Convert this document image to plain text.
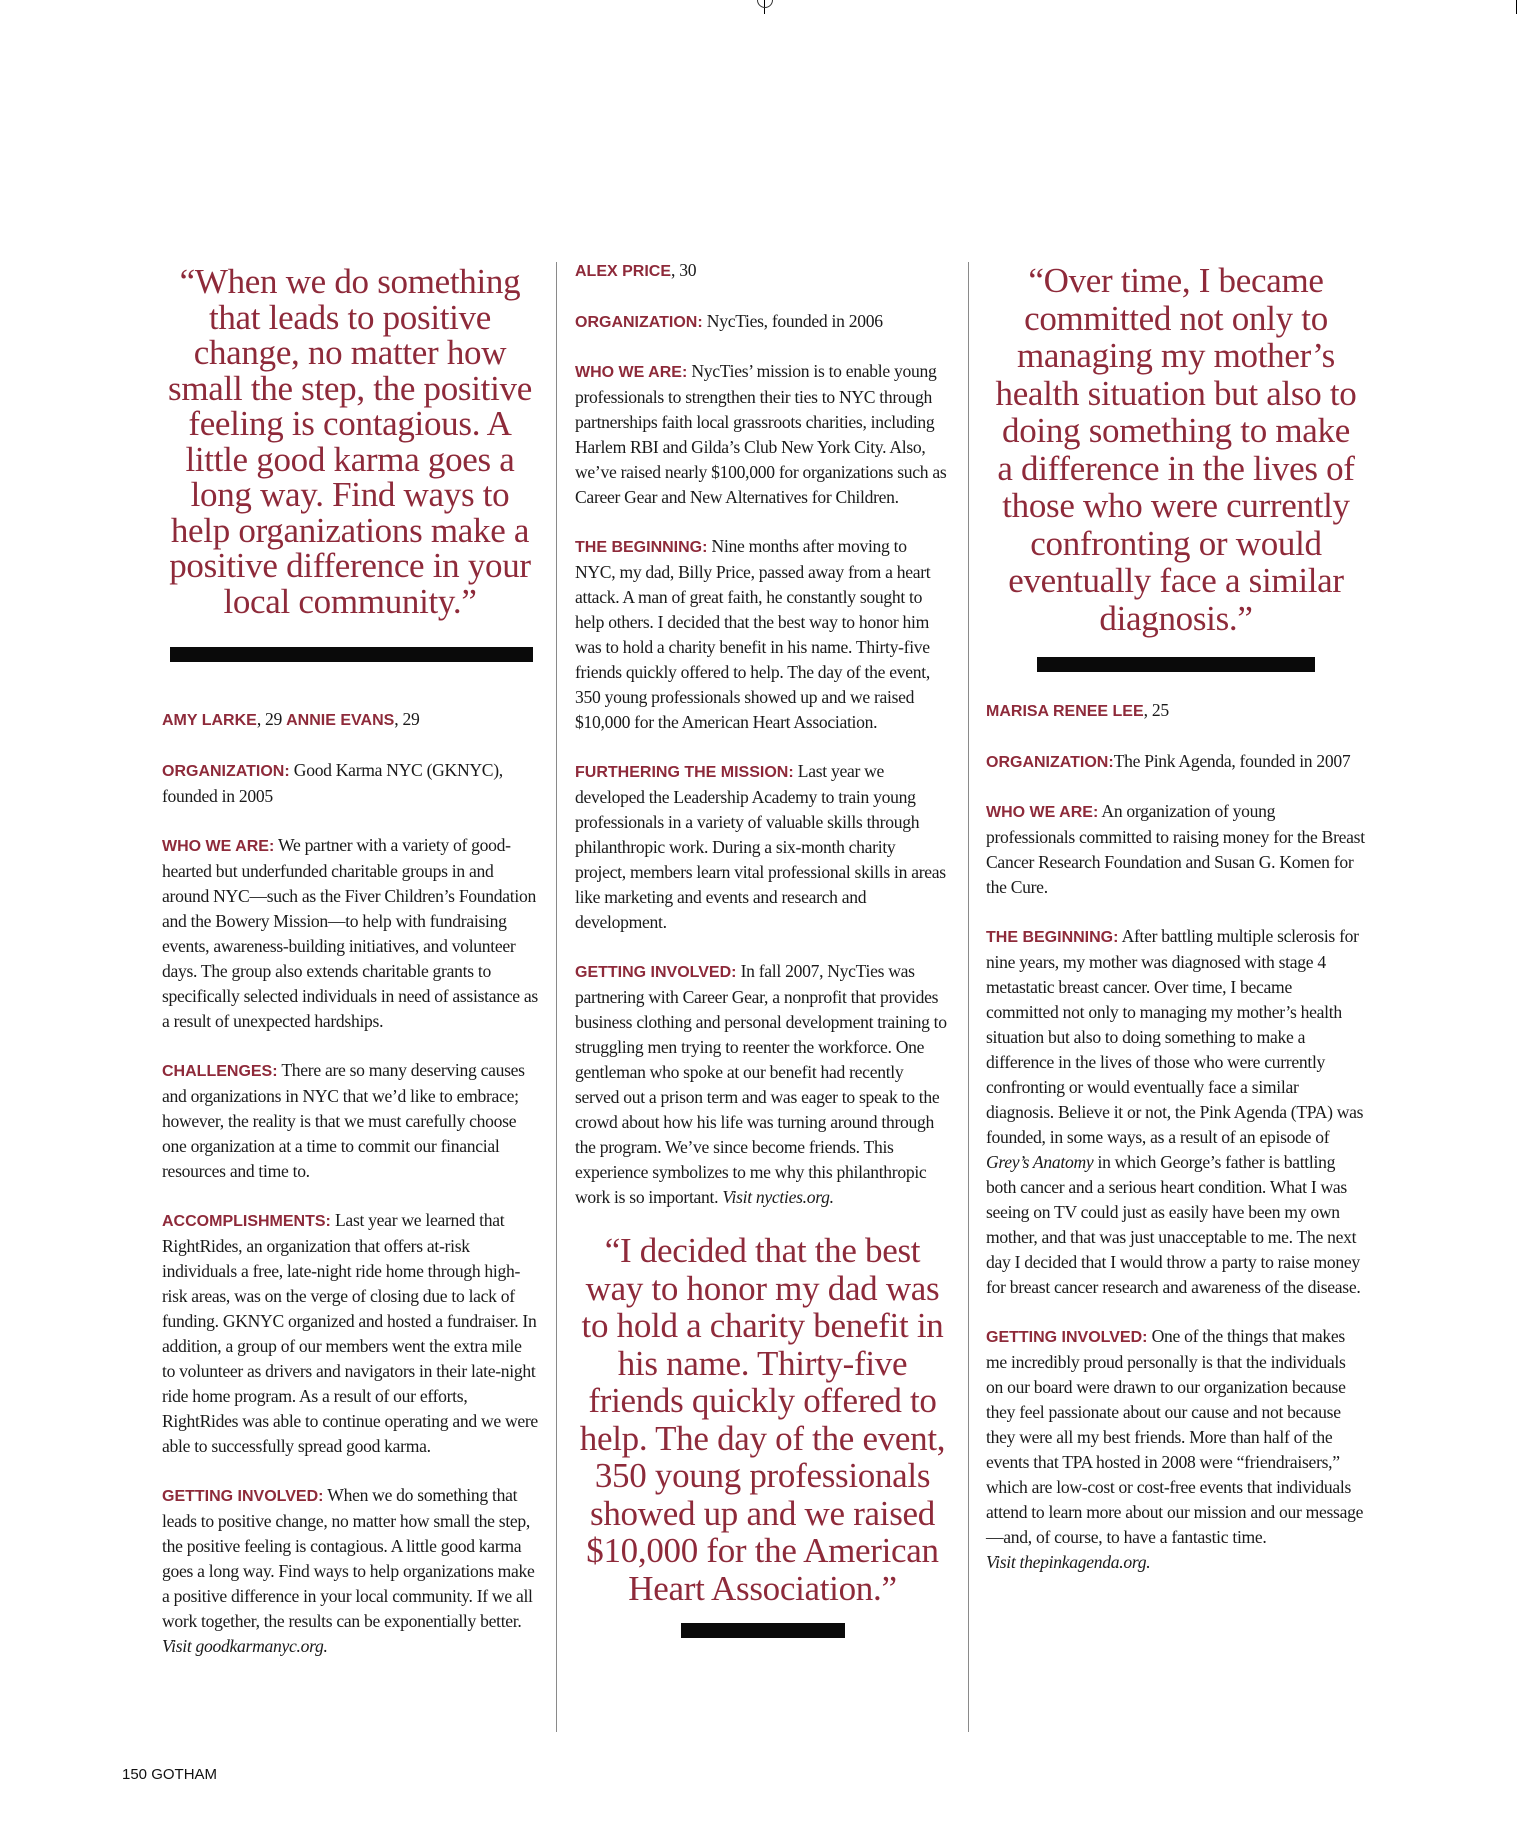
“When we do something that leads to positive change, no matter how small the step, the positive feeling is contagious. A little good karma goes a long way. Find ways to help organizations make a positive difference in your local community.”

AMY LARKE, 29 ANNIE EVANS, 29

ORGANIZATION: Good Karma NYC (GKNYC), founded in 2005

WHO WE ARE: We partner with a variety of good-hearted but underfunded charitable groups in and around NYC—such as the Fiver Children’s Foundation and the Bowery Mission—to help with fundraising events, awareness-building initiatives, and volunteer days. The group also extends charitable grants to specifically selected individuals in need of assistance as a result of unexpected hardships.

CHALLENGES: There are so many deserving causes and organizations in NYC that we’d like to embrace; however, the reality is that we must carefully choose one organization at a time to commit our financial resources and time to.

ACCOMPLISHMENTS: Last year we learned that RightRides, an organization that offers at-risk individuals a free, late-night ride home through high-risk areas, was on the verge of closing due to lack of funding. GKNYC organized and hosted a fundraiser. In addition, a group of our members went the extra mile to volunteer as drivers and navigators in their late-night ride home program. As a result of our efforts, RightRides was able to continue operating and we were able to successfully spread good karma.

GETTING INVOLVED: When we do something that leads to positive change, no matter how small the step, the positive feeling is contagious. A little good karma goes a long way. Find ways to help organizations make a positive difference in your local community. If we all work together, the results can be exponentially better.

Visit goodkarmanyc.org.

ALEX PRICE, 30

ORGANIZATION: NycTies, founded in 2006

WHO WE ARE: NycTies’ mission is to enable young professionals to strengthen their ties to NYC through partnerships faith local grassroots charities, including Harlem RBI and Gilda’s Club New York City. Also, we’ve raised nearly $100,000 for organizations such as Career Gear and New Alternatives for Children.

THE BEGINNING: Nine months after moving to NYC, my dad, Billy Price, passed away from a heart attack. A man of great faith, he constantly sought to help others. I decided that the best way to honor him was to hold a charity benefit in his name. Thirty-five friends quickly offered to help. The day of the event, 350 young professionals showed up and we raised $10,000 for the American Heart Association.

FURTHERING THE MISSION: Last year we developed the Leadership Academy to train young professionals in a variety of valuable skills through philanthropic work. During a six-month charity project, members learn vital professional skills in areas like marketing and events and research and development.

GETTING INVOLVED: In fall 2007, NycTies was partnering with Career Gear, a nonprofit that provides business clothing and personal development training to struggling men trying to reenter the workforce. One gentleman who spoke at our benefit had recently served out a prison term and was eager to speak to the crowd about how his life was turning around through the program. We’ve since become friends. This experience symbolizes to me why this philanthropic work is so important. Visit nycties.org.

“I decided that the best way to honor my dad was to hold a charity benefit in his name. Thirty-five friends quickly offered to help. The day of the event, 350 young professionals showed up and we raised $10,000 for the American Heart Association.”

“Over time, I became committed not only to managing my mother’s health situation but also to doing something to make a difference in the lives of those who were currently confronting or would eventually face a similar diagnosis.”

MARISA RENEE LEE, 25

ORGANIZATION:The Pink Agenda, founded in 2007

WHO WE ARE: An organization of young professionals committed to raising money for the Breast Cancer Research Foundation and Susan G. Komen for the Cure.

THE BEGINNING: After battling multiple sclerosis for nine years, my mother was diagnosed with stage 4 metastatic breast cancer. Over time, I became committed not only to managing my mother’s health situation but also to doing something to make a difference in the lives of those who were currently confronting or would eventually face a similar diagnosis. Believe it or not, the Pink Agenda (TPA) was founded, in some ways, as a result of an episode of Grey’s Anatomy in which George’s father is battling both cancer and a serious heart condition. What I was seeing on TV could just as easily have been my own mother, and that was just unacceptable to me. The next day I decided that I would throw a party to raise money for breast cancer research and awareness of the disease.

GETTING INVOLVED: One of the things that makes me incredibly proud personally is that the individuals on our board were drawn to our organization because they feel passionate about our cause and not because they were all my best friends. More than half of the events that TPA hosted in 2008 were “friendraisers,” which are low-cost or cost-free events that individuals attend to learn more about our mission and our message—and, of course, to have a fantastic time.

Visit thepinkagenda.org.

150 GOTHAM
